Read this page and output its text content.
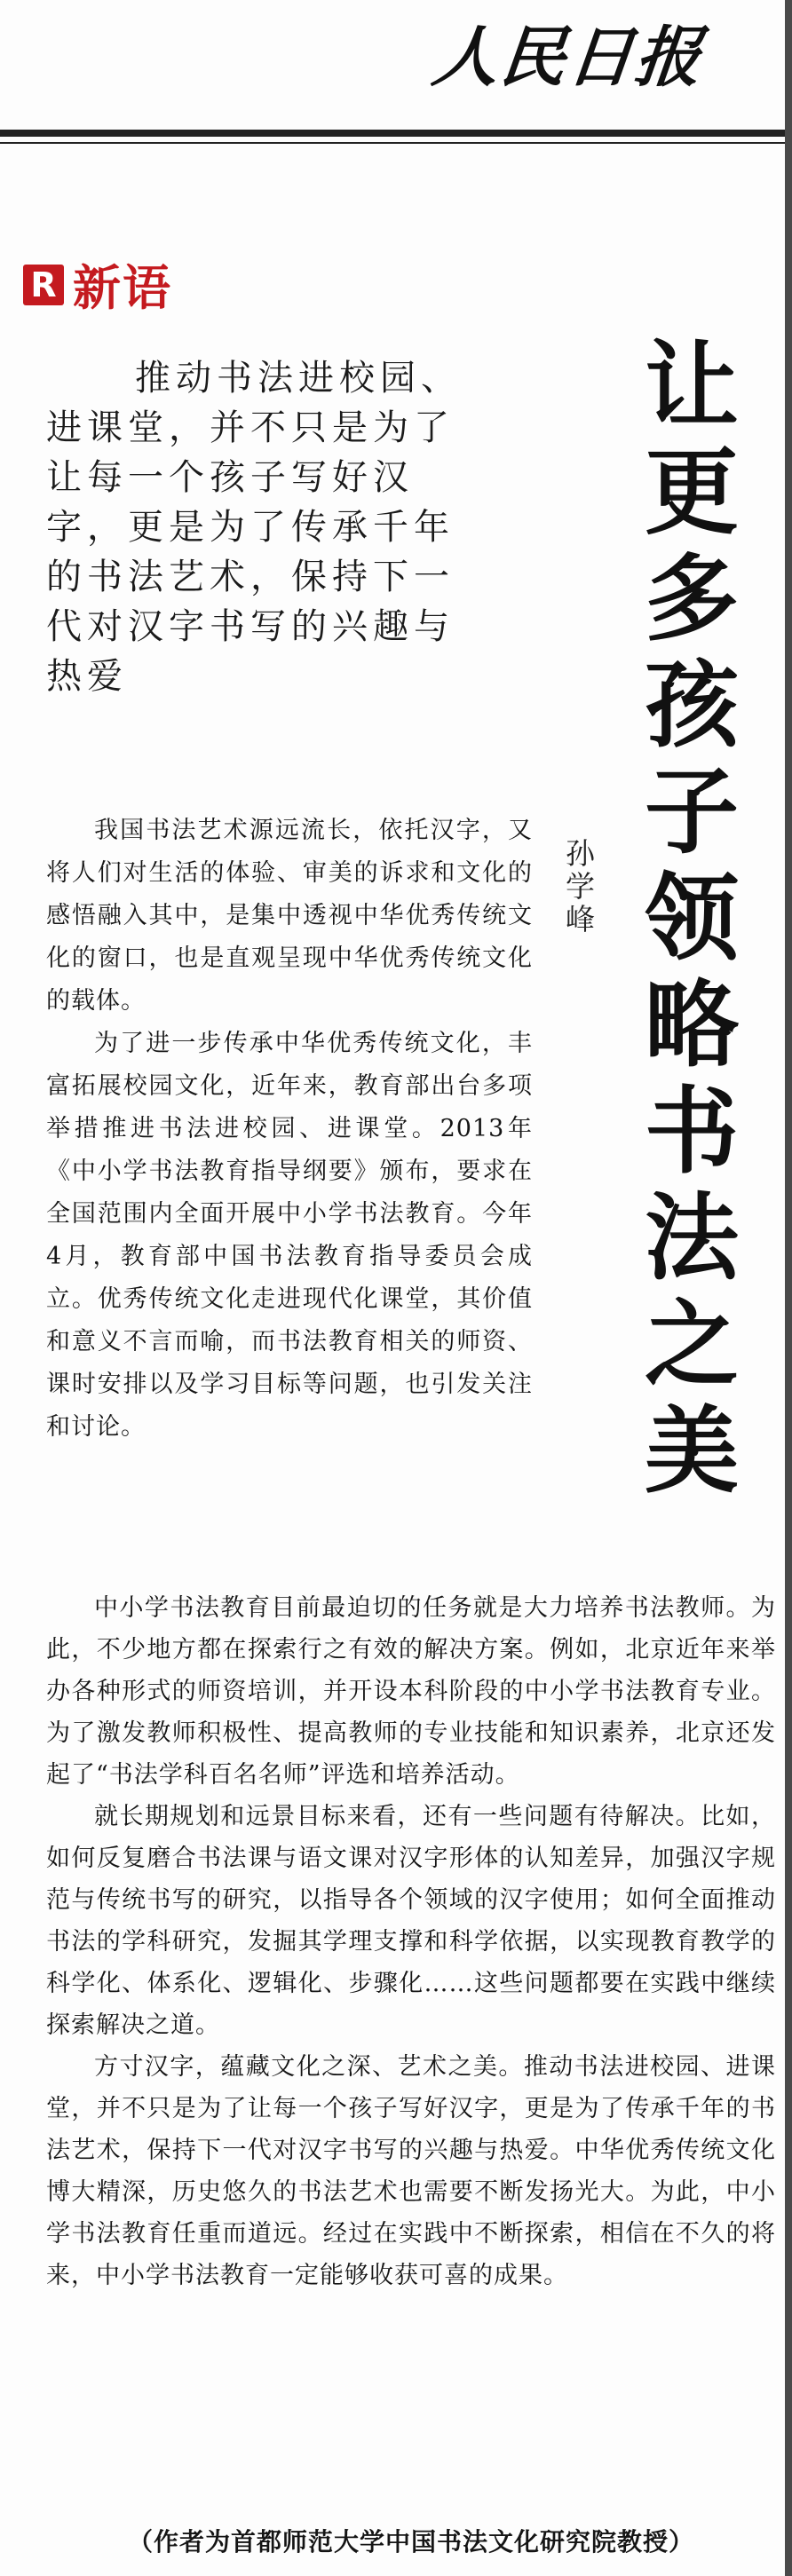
人民日报
R 新语
推动书法进校园、进课堂，并不只是为了让每一个孩子写好汉字，更是为了传承千年的书法艺术，保持下一代对汉字书写的兴趣与热爱	让更多孩子领略书法之美
孙学峰

我国书法艺术源远流长，依托汉字，又将人们对生活的体验、审美的诉求和文化的感悟融入其中，是集中透视中华优秀传统文化的窗口，也是直观呈现中华优秀传统文化的载体。

为了进一步传承中华优秀传统文化，丰富拓展校园文化，近年来，教育部出台多项举措推进书法进校园、进课堂。2013年《中小学书法教育指导纲要》颁布，要求在全国范围内全面开展中小学书法教育。今年4月，教育部中国书法教育指导委员会成立。优秀传统文化走进现代化课堂，其价值和意义不言而喻，而书法教育相关的师资、课时安排以及学习目标等问题，也引发关注和讨论。

中小学书法教育目前最迫切的任务就是大力培养书法教师。为此，不少地方都在探索行之有效的解决方案。例如，北京近年来举办各种形式的师资培训，并开设本科阶段的中小学书法教育专业。为了激发教师积极性、提高教师的专业技能和知识素养，北京还发起了“书法学科百名名师”评选和培养活动。

就长期规划和远景目标来看，还有一些问题有待解决。比如，如何反复磨合书法课与语文课对汉字形体的认知差异，加强汉字规范与传统书写的研究，以指导各个领域的汉字使用；如何全面推动书法的学科研究，发掘其学理支撑和科学依据，以实现教育教学的科学化、体系化、逻辑化、步骤化……这些问题都要在实践中继续探索解决之道。

方寸汉字，蕴藏文化之深、艺术之美。推动书法进校园、进课堂，并不只是为了让每一个孩子写好汉字，更是为了传承千年的书法艺术，保持下一代对汉字书写的兴趣与热爱。中华优秀传统文化博大精深，历史悠久的书法艺术也需要不断发扬光大。为此，中小学书法教育任重而道远。经过在实践中不断探索，相信在不久的将来，中小学书法教育一定能够收获可喜的成果。

（作者为首都师范大学中国书法文化研究院教授）
